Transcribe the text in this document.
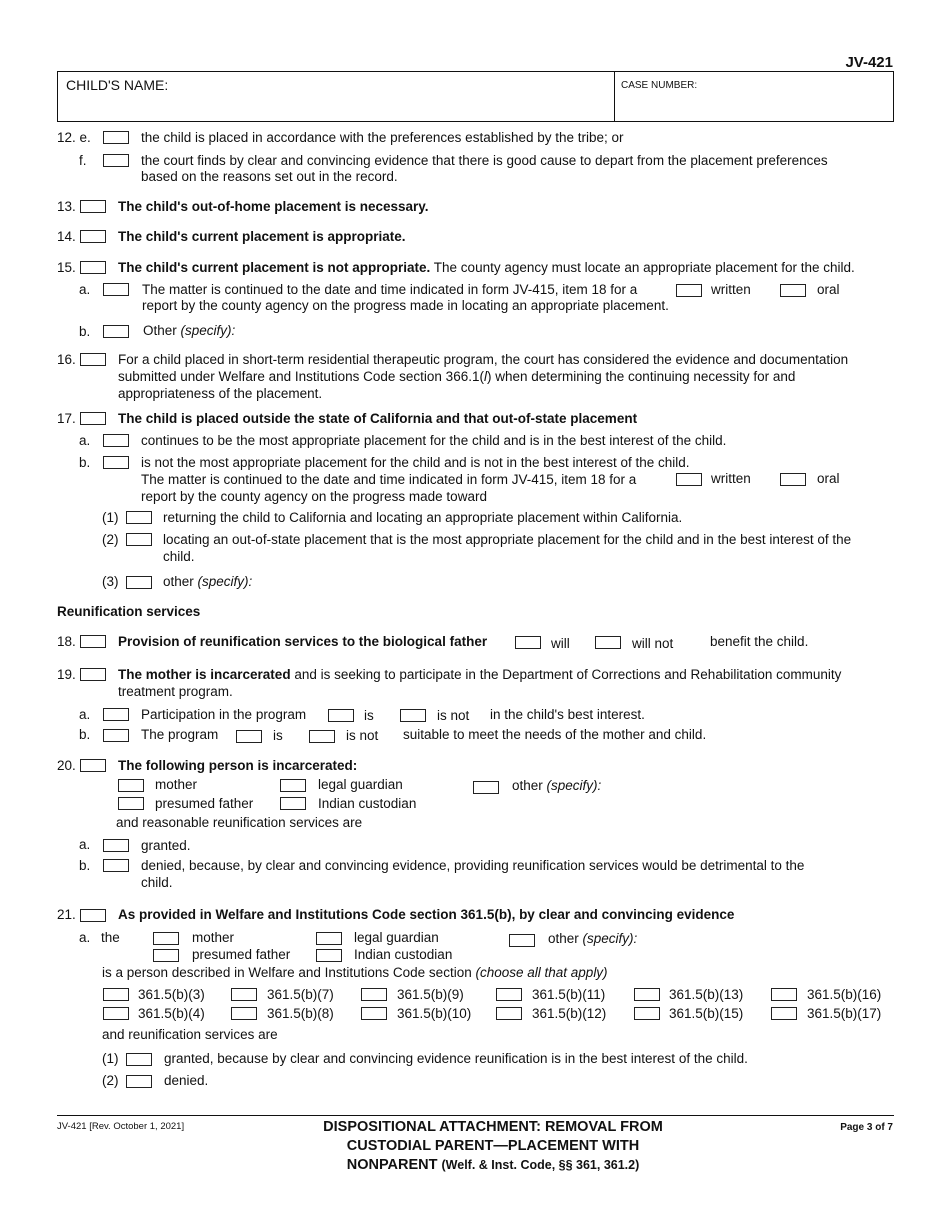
JV-421
CHILD'S NAME:	CASE NUMBER:
12. e.	the child is placed in accordance with the preferences established by the tribe; or
f.	the court finds by clear and convincing evidence that there is good cause to depart from the placement preferences
based on the reasons set out in the record.
13.	The child's out-of-home placement is necessary.
14.	The child's current placement is appropriate.
15.	The child's current placement is not appropriate. The county agency must locate an appropriate placement for the child.
a.	The matter is continued to the date and time indicated in form JV-415, item 18 for a	written	oral
report by the county agency on the progress made in locating an appropriate placement.
b.	Other (specify):
16.	For a child placed in short-term residential therapeutic program, the court has considered the evidence and documentation
submitted under Welfare and Institutions Code section 366.1(l) when determining the continuing necessity for and
appropriateness of the placement.
17.	The child is placed outside the state of California and that out-of-state placement
a.	continues to be the most appropriate placement for the child and is in the best interest of the child.
b.	is not the most appropriate placement for the child and is not in the best interest of the child.
The matter is continued to the date and time indicated in form JV-415, item 18 for a	written	oral
report by the county agency on the progress made toward
(1)	returning the child to California and locating an appropriate placement within California.
(2)	locating an out-of-state placement that is the most appropriate placement for the child and in the best interest of the
child.
(3)	other (specify):
Reunification services
18.	Provision of reunification services to the biological father	will	will not	benefit the child.
19.	The mother is incarcerated and is seeking to participate in the Department of Corrections and Rehabilitation community
treatment program.
a.	Participation in the program	is	is not in the child's best interest.
b.	The program	is	is not suitable to meet the needs of the mother and child.
20.	The following person is incarcerated:
mother	legal guardian	other (specify):
presumed father	Indian custodian
and reasonable reunification services are
a.	granted.
b.	denied, because, by clear and convincing evidence, providing reunification services would be detrimental to the
child.
21.	As provided in Welfare and Institutions Code section 361.5(b), by clear and convincing evidence
a. the	mother	legal guardian	other (specify):
presumed father	Indian custodian
is a person described in Welfare and Institutions Code section (choose all that apply)
361.5(b)(3)	361.5(b)(7)	361.5(b)(9)	361.5(b)(11)	361.5(b)(13)	361.5(b)(16)
361.5(b)(4)	361.5(b)(8)	361.5(b)(10)	361.5(b)(12)	361.5(b)(15)	361.5(b)(17)
and reunification services are
(1)	granted, because by clear and convincing evidence reunification is in the best interest of the child.
(2)	denied.
JV-421 [Rev. October 1, 2021]	DISPOSITIONAL ATTACHMENT: REMOVAL FROM
CUSTODIAL PARENT—PLACEMENT WITH
NONPARENT (Welf. & Inst. Code, §§ 361, 361.2)
Page 3 of 7
